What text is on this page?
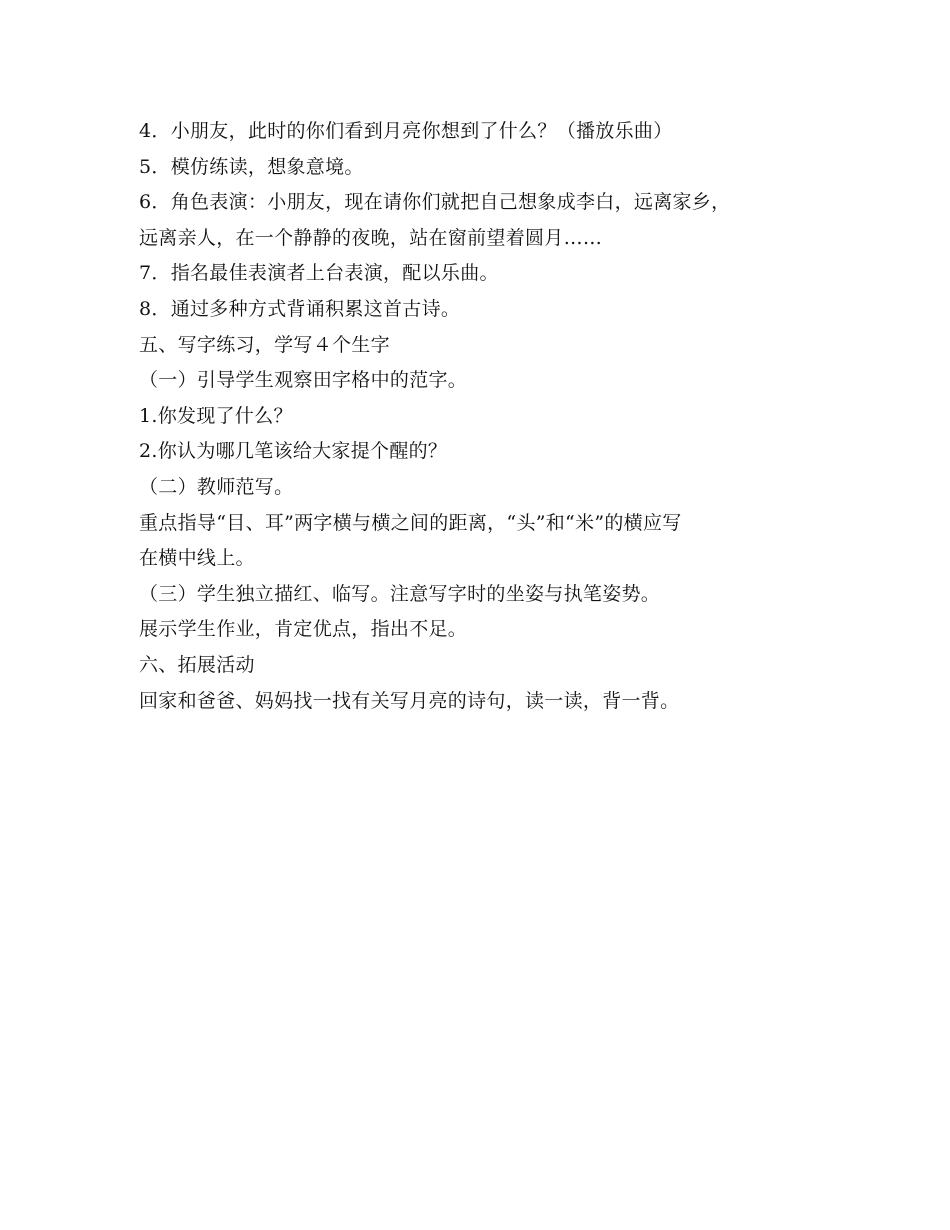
4．小朋友，此时的你们看到月亮你想到了什么？（播放乐曲）
5．模仿练读，想象意境。
6．角色表演：小朋友，现在请你们就把自己想象成李白，远离家乡，
远离亲人，在一个静静的夜晚，站在窗前望着圆月……
7．指名最佳表演者上台表演，配以乐曲。
8．通过多种方式背诵积累这首古诗。
五、写字练习，学写４个生字
（一）引导学生观察田字格中的范字。
1.你发现了什么？
2.你认为哪几笔该给大家提个醒的？
（二）教师范写。
重点指导“目、耳”两字横与横之间的距离，“头”和“米”的横应写
在横中线上。
（三）学生独立描红、临写。注意写字时的坐姿与执笔姿势。
展示学生作业，肯定优点，指出不足。
六、拓展活动
回家和爸爸、妈妈找一找有关写月亮的诗句，读一读，背一背。
